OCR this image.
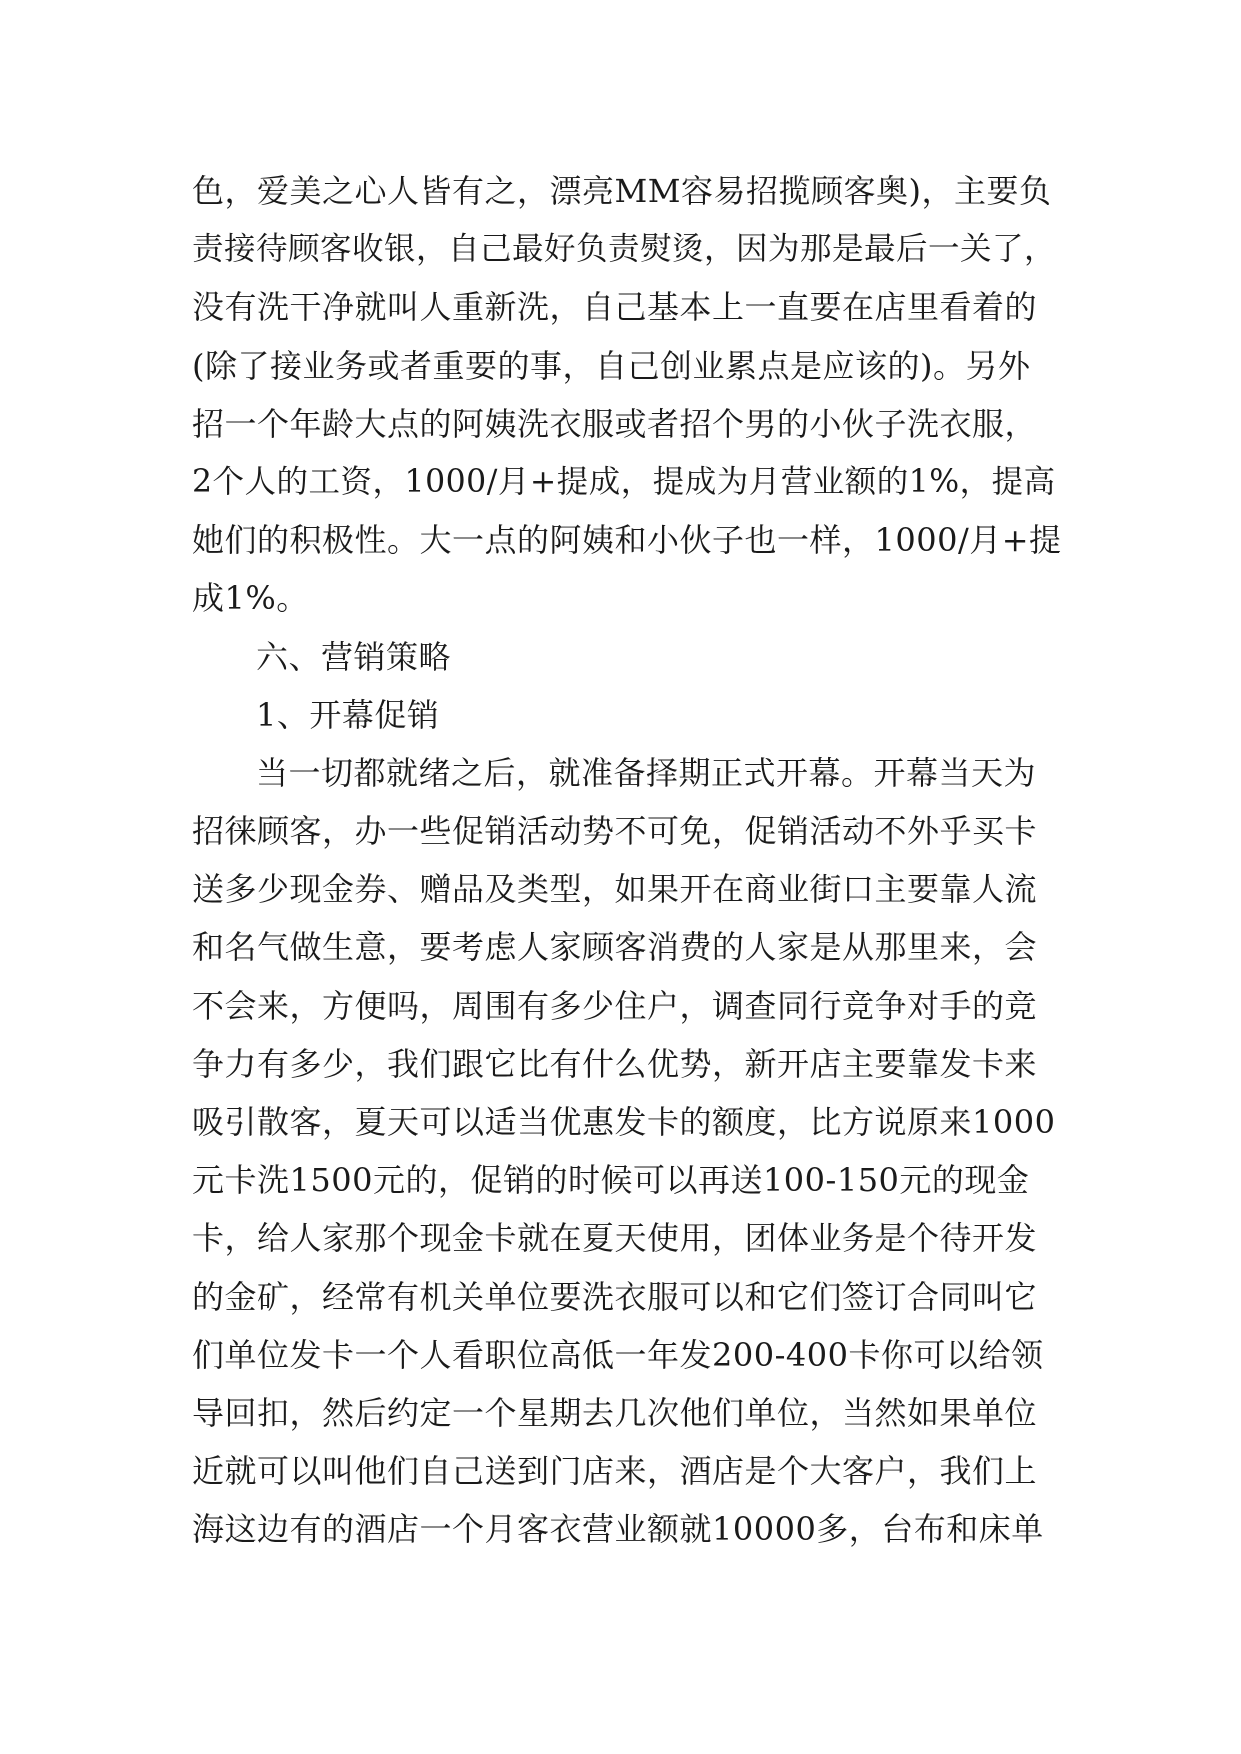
色，爱美之心人皆有之，漂亮MM容易招揽顾客奥)，主要负
责接待顾客收银，自己最好负责熨烫，因为那是最后一关了，
没有洗干净就叫人重新洗，自己基本上一直要在店里看着的
(除了接业务或者重要的事，自己创业累点是应该的)。另外
招一个年龄大点的阿姨洗衣服或者招个男的小伙子洗衣服，
2个人的工资，1000/月+提成，提成为月营业额的1%，提高
她们的积极性。大一点的阿姨和小伙子也一样，1000/月+提
成1%。
六、营销策略
1、开幕促销
当一切都就绪之后，就准备择期正式开幕。开幕当天为
招徕顾客，办一些促销活动势不可免，促销活动不外乎买卡
送多少现金券、赠品及类型，如果开在商业街口主要靠人流
和名气做生意，要考虑人家顾客消费的人家是从那里来，会
不会来，方便吗，周围有多少住户，调查同行竞争对手的竞
争力有多少，我们跟它比有什么优势，新开店主要靠发卡来
吸引散客，夏天可以适当优惠发卡的额度，比方说原来1000
元卡洗1500元的，促销的时候可以再送100-150元的现金
卡，给人家那个现金卡就在夏天使用，团体业务是个待开发
的金矿，经常有机关单位要洗衣服可以和它们签订合同叫它
们单位发卡一个人看职位高低一年发200-400卡你可以给领
导回扣，然后约定一个星期去几次他们单位，当然如果单位
近就可以叫他们自己送到门店来，酒店是个大客户，我们上
海这边有的酒店一个月客衣营业额就10000多，台布和床单
